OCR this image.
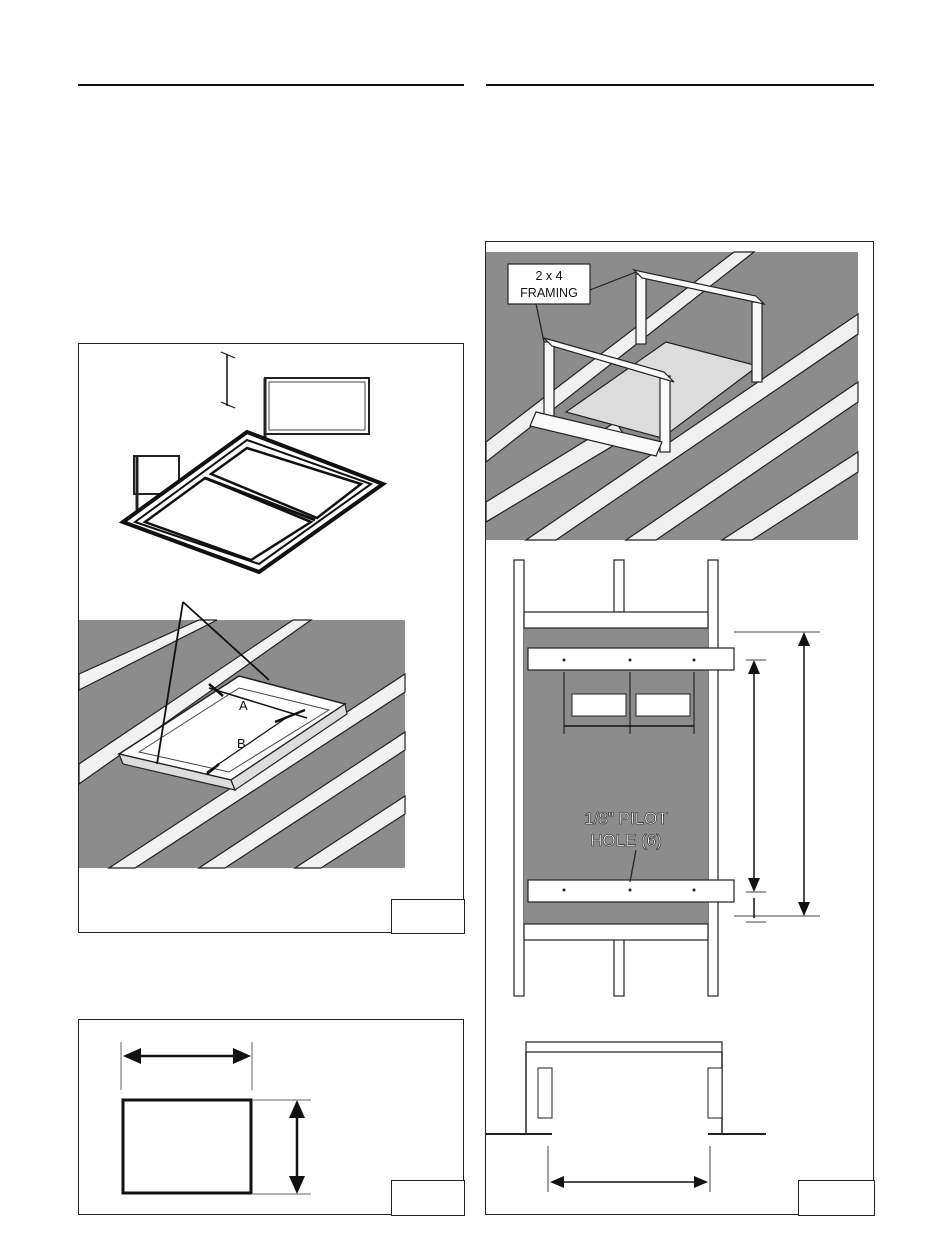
A
B
2 x 4
FRAMING
1/8" PILOT
HOLE (6)
